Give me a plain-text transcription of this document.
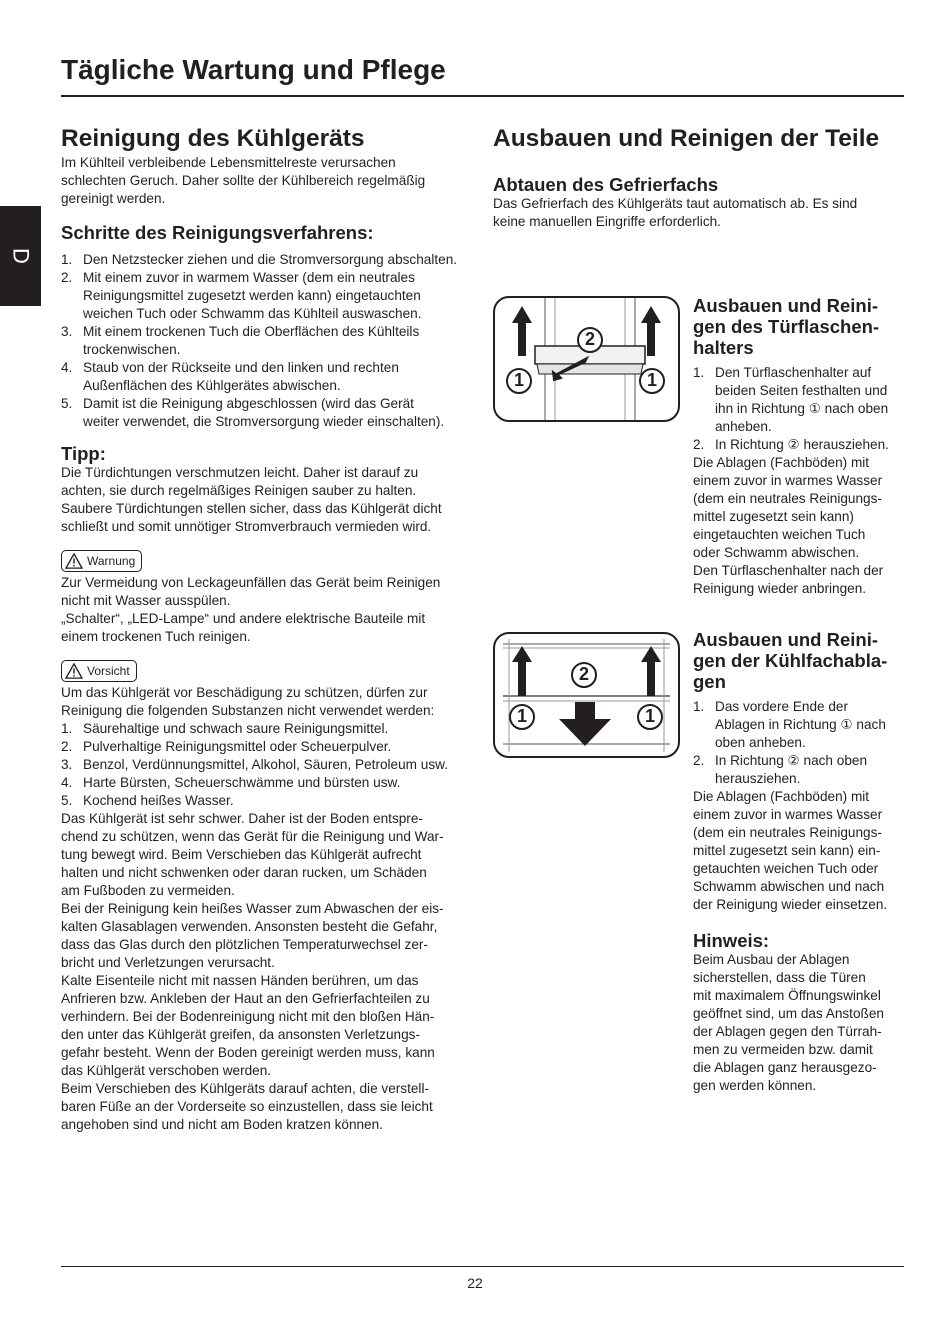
Tägliche Wartung und Pflege
D
Reinigung des Kühlgeräts

Im Kühlteil verbleibende Lebensmittelreste verursachen
schlechten Geruch. Daher sollte der Kühlbereich regelmäßig
gereinigt werden.

Schritte des Reinigungsverfahrens:
1. Den Netzstecker ziehen und die Stromversorgung abschalten.
2. Mit einem zuvor in warmem Wasser (dem ein neutrales
Reinigungsmittel zugesetzt werden kann) eingetauchten
weichen Tuch oder Schwamm das Kühlteil auswaschen.
3. Mit einem trockenen Tuch die Oberflächen des Kühlteils
trockenwischen.
4. Staub von der Rückseite und den linken und rechten
Außenflächen des Kühlgerätes abwischen.
5. Damit ist die Reinigung abgeschlossen (wird das Gerät
weiter verwendet, die Stromversorgung wieder einschalten).
Tipp:

Die Türdichtungen verschmutzen leicht. Daher ist darauf zu
achten, sie durch regelmäßiges Reinigen sauber zu halten.
Saubere Türdichtungen stellen sicher, dass das Kühlgerät dicht
schließt und somit unnötiger Stromverbrauch vermieden wird.

Warnung

Zur Vermeidung von Leckageunfällen das Gerät beim Reinigen
nicht mit Wasser ausspülen.
„Schalter“, „LED-Lampe“ und andere elektrische Bauteile mit
einem trockenen Tuch reinigen.

Vorsicht

Um das Kühlgerät vor Beschädigung zu schützen, dürfen zur
Reinigung die folgenden Substanzen nicht verwendet werden:

1. Säurehaltige und schwach saure Reinigungsmittel.
2. Pulverhaltige Reinigungsmittel oder Scheuerpulver.
3. Benzol, Verdünnungsmittel, Alkohol, Säuren, Petroleum usw.
4. Harte Bürsten, Scheuerschwämme und bürsten usw.
5. Kochend heißes Wasser.

Das Kühlgerät ist sehr schwer. Daher ist der Boden entspre-
chend zu schützen, wenn das Gerät für die Reinigung und War-
tung bewegt wird. Beim Verschieben das Kühlgerät aufrecht
halten und nicht schwenken oder daran rucken, um Schäden
am Fußboden zu vermeiden.

Bei der Reinigung kein heißes Wasser zum Abwaschen der eis-
kalten Glasablagen verwenden. Ansonsten besteht die Gefahr,
dass das Glas durch den plötzlichen Temperaturwechsel zer-
bricht und Verletzungen verursacht.

Kalte Eisenteile nicht mit nassen Händen berühren, um das
Anfrieren bzw. Ankleben der Haut an den Gefrierfachteilen zu
verhindern. Bei der Bodenreinigung nicht mit den bloßen Hän-
den unter das Kühlgerät greifen, da ansonsten Verletzungs-
gefahr besteht. Wenn der Boden gereinigt werden muss, kann
das Kühlgerät verschoben werden.

Beim Verschieben des Kühlgeräts darauf achten, die verstell-
baren Füße an der Vorderseite so einzustellen, dass sie leicht
angehoben sind und nicht am Boden kratzen können.

Ausbauen und Reinigen der Teile
Abtauen des Gefrierfachs

Das Gefrierfach des Kühlgeräts taut automatisch ab. Es sind
keine manuellen Eingriffe erforderlich.

1	1
2
Ausbauen und Reini-
gen des Türflaschen-
halters
1. Den Türflaschenhalter auf
beiden Seiten festhalten und
ihn in Richtung ① nach oben
anheben.
2. In Richtung ② herausziehen.

Die Ablagen (Fachböden) mit
einem zuvor in warmes Wasser
(dem ein neutrales Reinigungs-
mittel zugesetzt sein kann)
eingetauchten weichen Tuch
oder Schwamm abwischen.
Den Türflaschenhalter nach der
Reinigung wieder anbringen.

1	1
2
Ausbauen und Reini-
gen der Kühlfachabla-
gen
1. Das vordere Ende der
Ablagen in Richtung ① nach
oben anheben.
2. In Richtung ② nach oben
herausziehen.

Die Ablagen (Fachböden) mit
einem zuvor in warmes Wasser
(dem ein neutrales Reinigungs-
mittel zugesetzt sein kann) ein-
getauchten weichen Tuch oder
Schwamm abwischen und nach
der Reinigung wieder einsetzen.

Hinweis:

Beim Ausbau der Ablagen
sicherstellen, dass die Türen
mit maximalem Öffnungswinkel
geöffnet sind, um das Anstoßen
der Ablagen gegen den Türrah-
men zu vermeiden bzw. damit
die Ablagen ganz herausgezo-
gen werden können.

22
